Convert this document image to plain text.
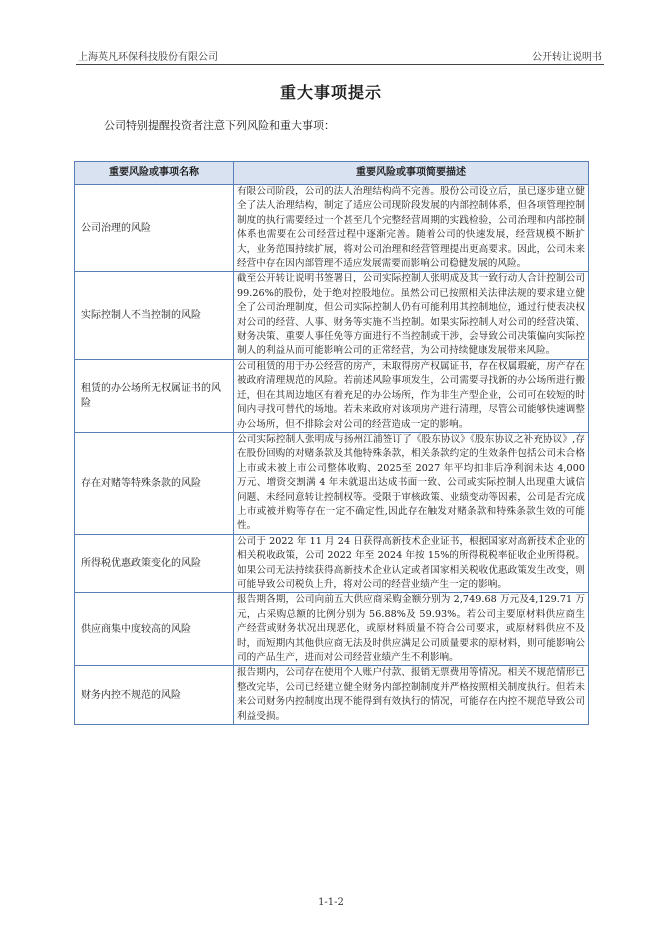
上海英凡环保科技股份有限公司	公开转让说明书
重大事项提示
公司特别提醒投资者注意下列风险和重大事项：
重要风险或事项名称	重要风险或事项简要描述
公司治理的风险	有限公司阶段，公司的法人治理结构尚不完善。股份公司设立后，虽已逐步建立健全了法人治理结构，制定了适应公司现阶段发展的内部控制体系，但各项管理控制制度的执行需要经过一个甚至几个完整经营周期的实践检验，公司治理和内部控制体系也需要在公司经营过程中逐渐完善。随着公司的快速发展，经营规模不断扩大，业务范围持续扩展，将对公司治理和经营管理提出更高要求。因此，公司未来经营中存在因内部管理不适应发展需要而影响公司稳健发展的风险。
实际控制人不当控制的风险	截至公开转让说明书签署日，公司实际控制人张明成及其一致行动人合计控制公司 99.26%的股份，处于绝对控股地位。虽然公司已按照相关法律法规的要求建立健全了公司治理制度，但公司实际控制人仍有可能利用其控制地位，通过行使表决权对公司的经营、人事、财务等实施不当控制。如果实际控制人对公司的经营决策、财务决策、重要人事任免等方面进行不当控制或干涉，会导致公司决策偏向实际控制人的利益从而可能影响公司的正常经营，为公司持续健康发展带来风险。
租赁的办公场所无权属证书的风险	公司租赁的用于办公经营的房产，未取得房产权属证书，存在权属瑕疵，房产存在被政府清理规范的风险。若前述风险事项发生，公司需要寻找新的办公场所进行搬迁，但在其周边地区有着充足的办公场所，作为非生产型企业，公司可在较短的时间内寻找可替代的场地。若未来政府对该项房产进行清理，尽管公司能够快速调整办公场所，但不排除会对公司的经营造成一定的影响。
存在对赌等特殊条款的风险	公司实际控制人张明成与扬州江浦签订了《股东协议》《股东协议之补充协议》,存在股份回购的对赌条款及其他特殊条款，相关条款约定的生效条件包括公司未合格上市或未被上市公司整体收购、2025至 2027 年平均扣非后净利润未达 4,000 万元、增资交割满 4 年未就退出达成书面一致、公司或实际控制人出现重大诚信问题、未经同意转让控制权等。受限于审核政策、业绩变动等因素，公司是否完成上市或被并购等存在一定不确定性,因此存在触发对赌条款和特殊条款生效的可能性。
所得税优惠政策变化的风险	公司于 2022 年 11 月 24 日获得高新技术企业证书，根据国家对高新技术企业的相关税收政策，公司 2022 年至 2024 年按 15%的所得税税率征收企业所得税。如果公司无法持续获得高新技术企业认定或者国家相关税收优惠政策发生改变，则可能导致公司税负上升，将对公司的经营业绩产生一定的影响。
供应商集中度较高的风险	报告期各期，公司向前五大供应商采购金额分别为 2,749.68 万元及4,129.71 万元，占采购总额的比例分别为 56.88%及 59.93%。若公司主要原材料供应商生产经营或财务状况出现恶化，或原材料质量不符合公司要求，或原材料供应不及时，而短期内其他供应商无法及时供应满足公司质量要求的原材料，则可能影响公司的产品生产，进而对公司经营业绩产生不利影响。
财务内控不规范的风险	报告期内，公司存在使用个人账户付款、报销无票费用等情况。相关不规范情形已整改完毕，公司已经建立健全财务内部控制制度并严格按照相关制度执行。但若未来公司财务内控制度出现不能得到有效执行的情况，可能存在内控不规范导致公司利益受损。
1-1-2
